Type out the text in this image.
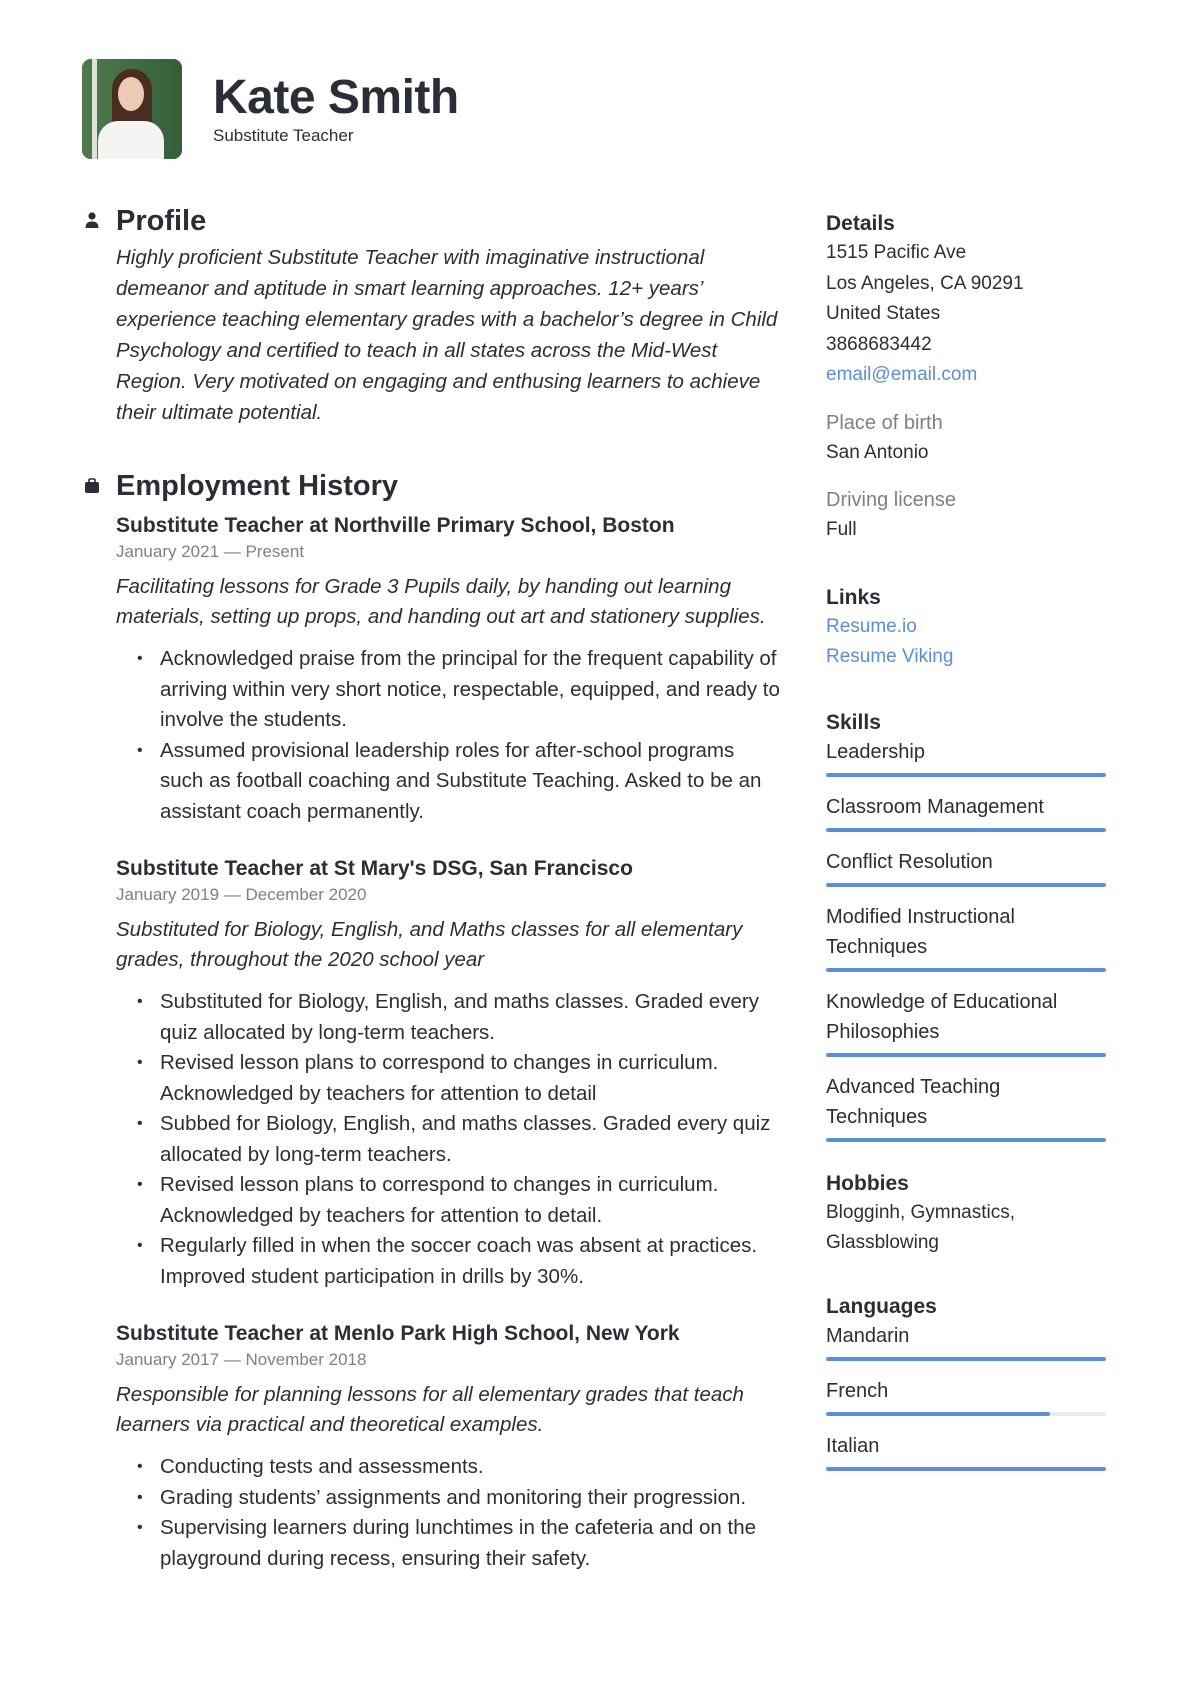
Kate Smith
Substitute Teacher
Profile

Highly proficient Substitute Teacher with imaginative instructional demeanor and aptitude in smart learning approaches. 12+ years’ experience teaching elementary grades with a bachelor’s degree in Child Psychology and certified to teach in all states across the Mid-West Region. Very motivated on engaging and enthusing learners to achieve their ultimate potential.

Employment History
Substitute Teacher at Northville Primary School, Boston
January 2021 — Present

Facilitating lessons for Grade 3 Pupils daily, by handing out learning materials, setting up props, and handing out art and stationery supplies.

• Acknowledged praise from the principal for the frequent capability of arriving within very short notice, respectable, equipped, and ready to involve the students.
• Assumed provisional leadership roles for after-school programs such as football coaching and Substitute Teaching. Asked to be an assistant coach permanently.
Substitute Teacher at St Mary's DSG, San Francisco
January 2019 — December 2020

Substituted for Biology, English, and Maths classes for all elementary grades, throughout the 2020 school year

• Substituted for Biology, English, and maths classes. Graded every quiz allocated by long-term teachers.
• Revised lesson plans to correspond to changes in curriculum. Acknowledged by teachers for attention to detail
• Subbed for Biology, English, and maths classes. Graded every quiz allocated by long-term teachers.
• Revised lesson plans to correspond to changes in curriculum. Acknowledged by teachers for attention to detail.
• Regularly filled in when the soccer coach was absent at practices. Improved student participation in drills by 30%.
Substitute Teacher at Menlo Park High School, New York
January 2017 — November 2018

Responsible for planning lessons for all elementary grades that teach learners via practical and theoretical examples.

• Conducting tests and assessments.
• Grading students’ assignments and monitoring their progression.
• Supervising learners during lunchtimes in the cafeteria and on the playground during recess, ensuring their safety.
Details
1515 Pacific Ave
Los Angeles, CA 90291
United States
3868683442
email@email.com
Place of birth
San Antonio
Driving license
Full
Links
Resume.io
Resume Viking
Skills
Leadership
Classroom Management
Conflict Resolution
Modified Instructional Techniques
Knowledge of Educational Philosophies
Advanced Teaching Techniques
Hobbies
Blogginh, Gymnastics, Glassblowing
Languages
Mandarin
French
Italian
